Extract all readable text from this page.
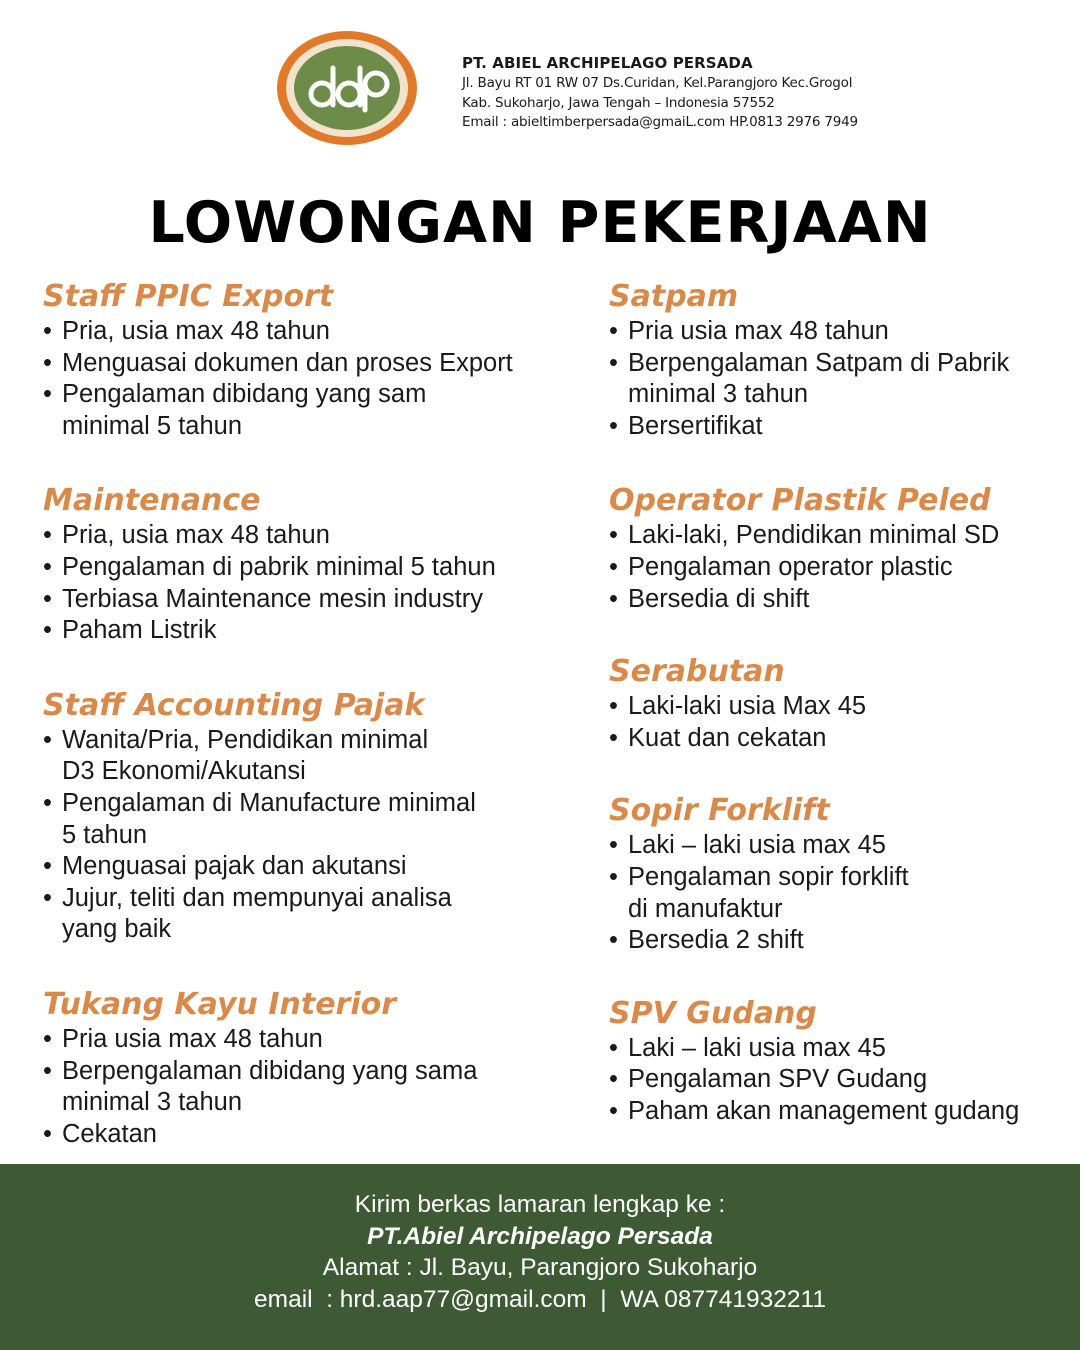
PT. ABIEL ARCHIPELAGO PERSADA
Jl. Bayu RT 01 RW 07 Ds.Curidan, Kel.Parangjoro Kec.Grogol
Kab. Sukoharjo, Jawa Tengah – Indonesia 57552
Email : abieltimberpersada@gmaiL.com HP.0813 2976 7949
LOWONGAN PEKERJAAN
Staff PPIC Export
• Pria, usia max 48 tahun
• Menguasai dokumen dan proses Export
• Pengalaman dibidang yang sam
minimal 5 tahun
Maintenance
• Pria, usia max 48 tahun
• Pengalaman di pabrik minimal 5 tahun
• Terbiasa Maintenance mesin industry
• Paham Listrik
Staff Accounting Pajak
• Wanita/Pria, Pendidikan minimal
D3 Ekonomi/Akutansi
• Pengalaman di Manufacture minimal
5 tahun
• Menguasai pajak dan akutansi
• Jujur, teliti dan mempunyai analisa
yang baik
Tukang Kayu Interior
• Pria usia max 48 tahun
• Berpengalaman dibidang yang sama
minimal 3 tahun
• Cekatan
Satpam
• Pria usia max 48 tahun
• Berpengalaman Satpam di Pabrik
minimal 3 tahun
• Bersertifikat
Operator Plastik Peled
• Laki-laki, Pendidikan minimal SD
• Pengalaman operator plastic
• Bersedia di shift
Serabutan
• Laki-laki usia Max 45
• Kuat dan cekatan
Sopir Forklift
• Laki – laki usia max 45
• Pengalaman sopir forklift
di manufaktur
• Bersedia 2 shift
SPV Gudang
• Laki – laki usia max 45
• Pengalaman SPV Gudang
• Paham akan management gudang
Kirim berkas lamaran lengkap ke :
PT.Abiel Archipelago Persada
Alamat : Jl. Bayu, Parangjoro Sukoharjo
email  : hrd.aap77@gmail.com  |  WA 087741932211
